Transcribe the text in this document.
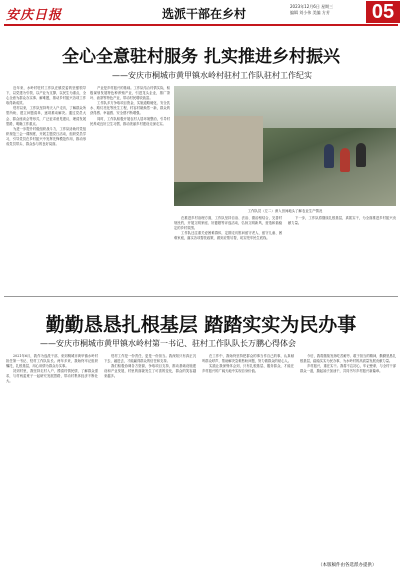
安庆日报	选派干部在乡村
2023年12月6日 星期三
编辑 刘小伟 美编 方芳	05
全心全意驻村服务 扎实推进乡村振兴
——安庆市桐城市黄甲镇水岭村驻村工作队驻村工作纪实

近年来，水岭村驻村工作队在镇党委的坚强领导下，以党建为引领，以产业为支撑，以民生为重点，全心全意为群众办实事、解难题，推动乡村振兴各项工作取得新成效。

驻村以来，工作队坚持每天入户走访，了解群众所思所盼，建立问题清单，逐项推动解决。通过党员大会、群众座谈会等形式，广泛征求意见建议，理清发展思路，明确工作重点。

为进一步提升村级组织战斗力，工作队协助村党组织规范三会一课制度，开展主题党日活动，组织党员学习，引导党员在乡村振兴中发挥先锋模范作用，推动形成党员带头、群众参与的良好局面。

产业是乡村振兴的基础。工作队结合村情实际，积极谋划发展特色种养殖产业，引进龙头企业，推广茶叶、油茶等特色产业，带动村民增收致富。

工作队多方争取项目资金，实施道路硬化、安全饮水、路灯亮化等民生工程，村容村貌焕然一新，群众的获得感、幸福感、安全感不断增强。

同时，工作队积极开展农村人居环境整治，引导村民养成良好卫生习惯，推动美丽乡村建设走深走实。

工作队员（左二）深入田间地头了解农业生产情况

在推进乡村治理方面，工作队坚持自治、法治、德治相结合，完善村规民约，开展文明家庭、好婆媳等评选活动，弘扬文明新风，营造和谐稳定的乡村氛围。

工作队还注重关爱困难群体，定期走访慰问留守老人、留守儿童、困难家庭，落实各项帮扶政策，做到应帮尽帮，切实兜牢民生底线。

下一步，工作队将继续扎根基层，真抓实干，为全面推进乡村振兴贡献力量。

勤勤恳恳扎根基层 踏踏实实为民办事
——安庆市桐城市黄甲镇水岭村第一书记、驻村工作队队长万鹏心得体会

2021年6月，我作为选派干部，来到桐城市黄甲镇水岭村担任第一书记、驻村工作队队长。两年多来，我始终牢记组织嘱托，扎根基层，用心用情为群众办实事。

初到村里，我坚持走村入户，摸清村情民情，了解群众需求，与村两委班子一起研究发展思路，带动村集体经济不断壮大。

驻村工作是一份责任，更是一份担当。我深知只有真正沉下去、融进去，才能赢得群众的信任和支持。

我们积极协调各方资源，争取项目支持，推动基础设施建设和产业发展，村里的面貌发生了可喜的变化，群众的笑容越来越多。

在工作中，我始终坚持把群众的事当作自己的事，认真倾听群众呼声，帮助解决急难愁盼问题，努力做群众的贴心人。

实践让我深刻体会到，只有扎根基层、服务群众，才能在乡村振兴的广阔天地中实现自身价值。

今后，我将继续发扬吃苦耐劳、敢于担当的精神，勤勤恳恳扎根基层，踏踏实实为民办事，为水岭村的高质量发展贡献力量。

乡村振兴，重在实干。我将不忘初心，牢记使命，与全村干部群众一道，撸起袖子加油干，共同书写乡村振兴新篇章。

（本版稿件由各选派办提供）
